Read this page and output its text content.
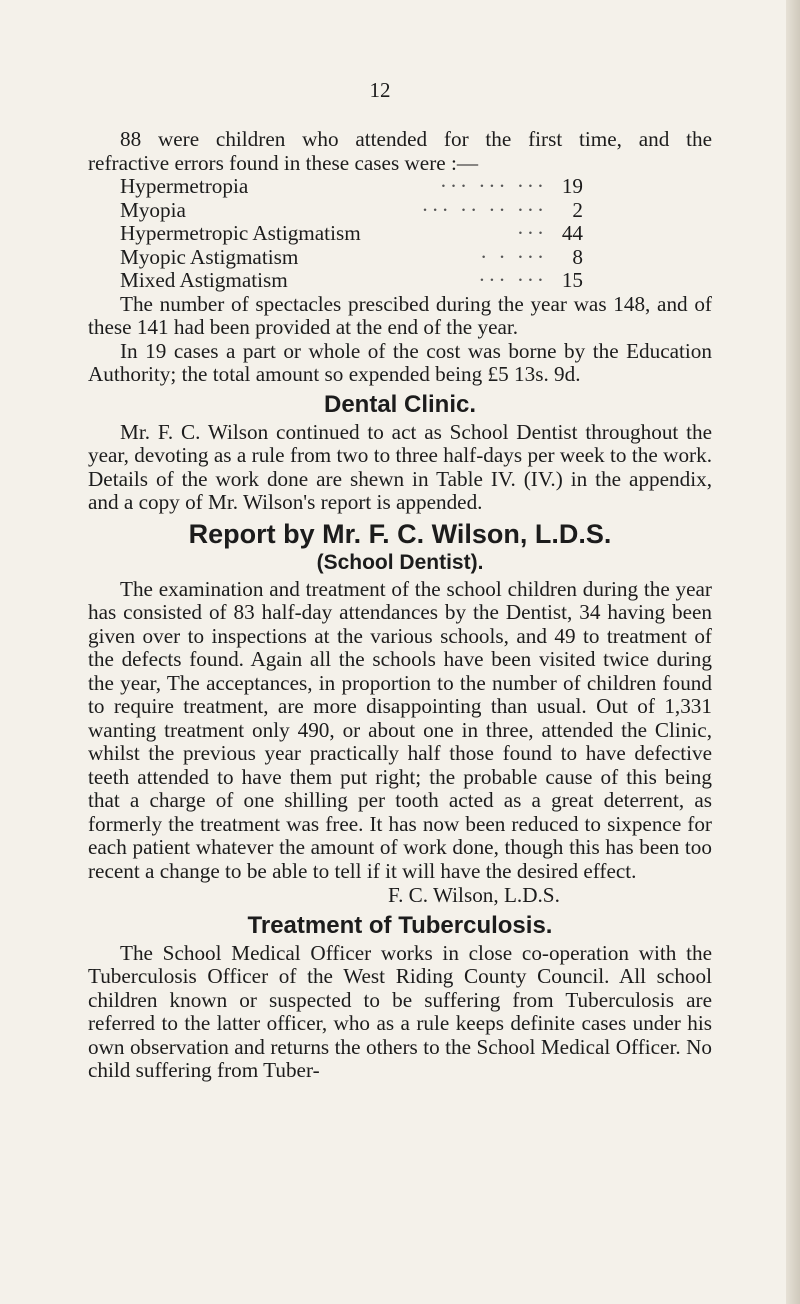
12

88 were children who attended for the first time, and the

refractive errors found in these cases were :—
Hypermetropia	··· ··· ··· 19
Myopia	··· ·· ·· ···	2
Hypermetropic Astigmatism	··· 44
Myopic Astigmatism	· · ···	8
Mixed Astigmatism	··· ··· 15

The number of spectacles prescibed during the year was 148, and of these 141 had been provided at the end of the year.

In 19 cases a part or whole of the cost was borne by the Education Authority; the total amount so expended being £5 13s. 9d.

Dental Clinic.

Mr. F. C. Wilson continued to act as School Dentist throughout the year, devoting as a rule from two to three half-days per week to the work. Details of the work done are shewn in Table IV. (IV.) in the appendix, and a copy of Mr. Wilson's report is appended.

Report by Mr. F. C. Wilson, L.D.S.
(School Dentist).

The examination and treatment of the school children during the year has consisted of 83 half-day attendances by the Dentist, 34 having been given over to inspections at the various schools, and 49 to treatment of the defects found. Again all the schools have been visited twice during the year, The acceptances, in proportion to the number of children found to require treatment, are more disappointing than usual. Out of 1,331 wanting treatment only 490, or about one in three, attended the Clinic, whilst the previous year practically half those found to have defective teeth attended to have them put right; the probable cause of this being that a charge of one shilling per tooth acted as a great deterrent, as formerly the treatment was free. It has now been reduced to sixpence for each patient whatever the amount of work done, though this has been too recent a change to be able to tell if it will have the desired effect.

F. C. Wilson, L.D.S.

Treatment of Tuberculosis.

The School Medical Officer works in close co-operation with the Tuberculosis Officer of the West Riding County Council. All school children known or suspected to be suffering from Tuberculosis are referred to the latter officer, who as a rule keeps definite cases under his own observation and returns the others to the School Medical Officer. No child suffering from Tuber-
